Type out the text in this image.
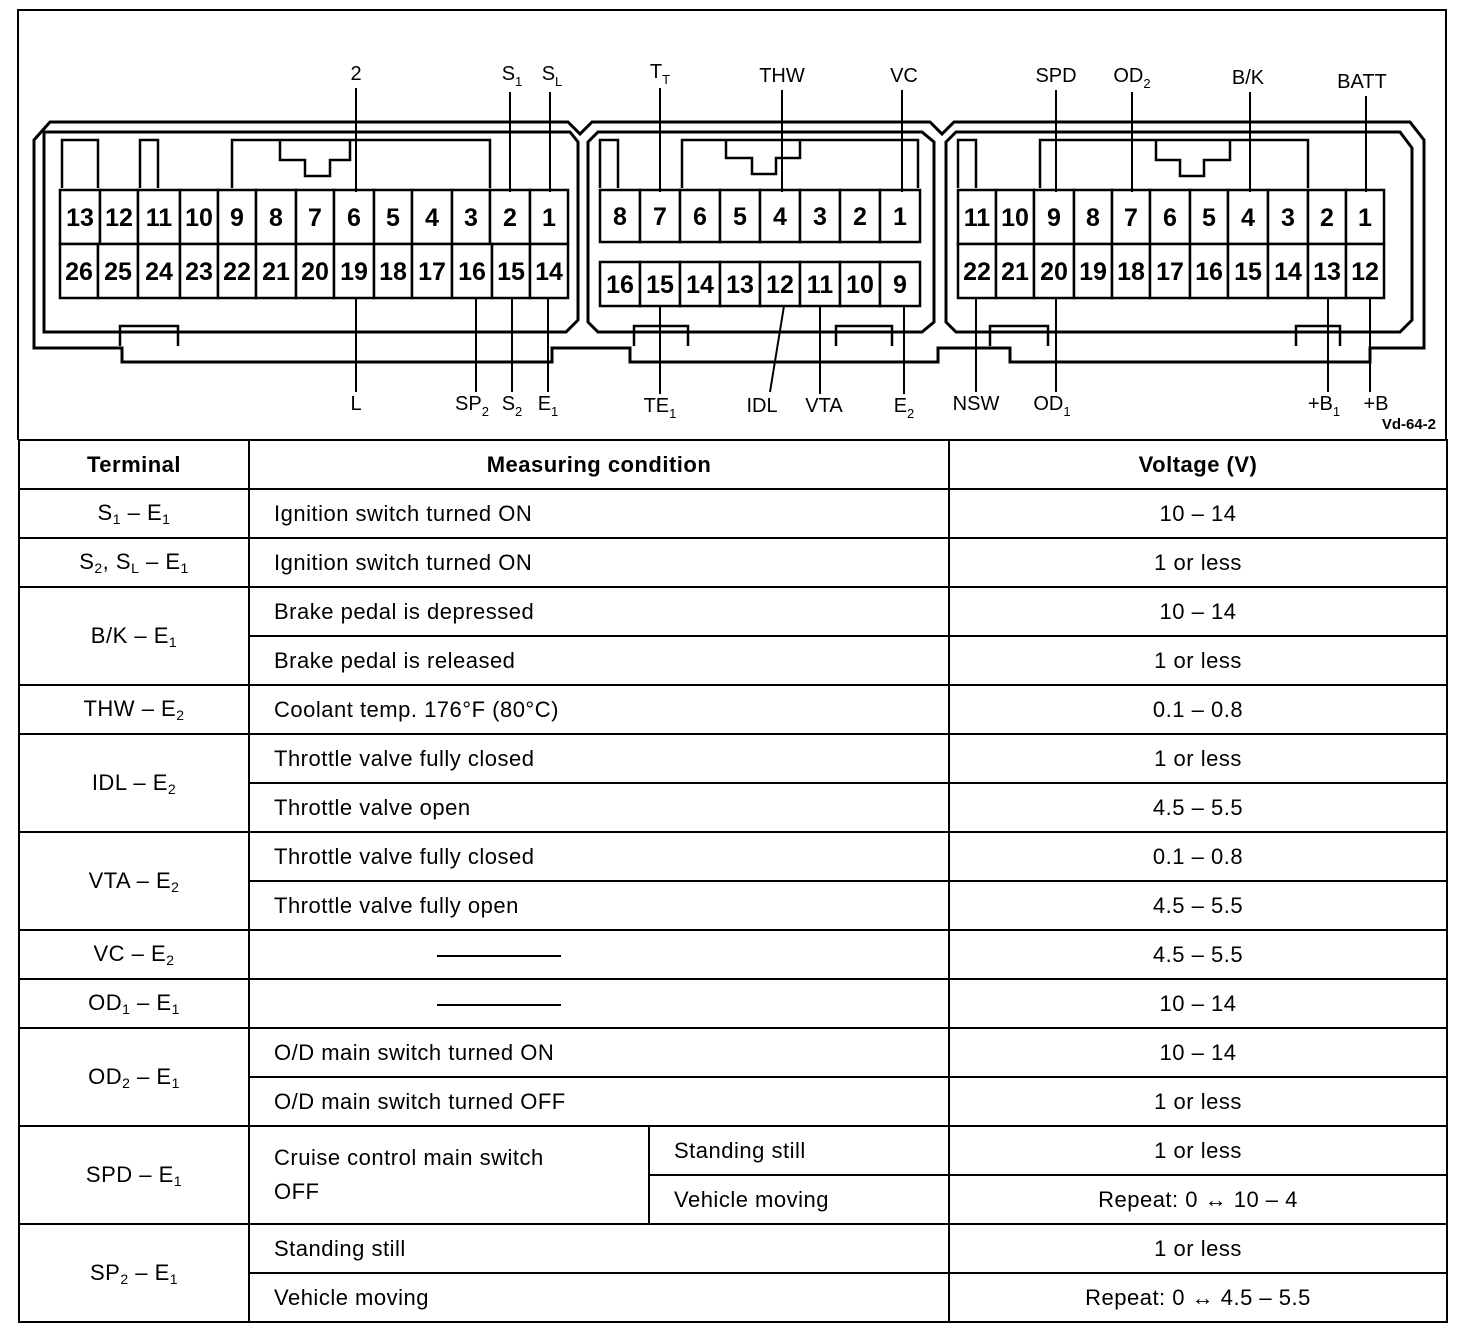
13 12 11 10 9 8 7 6 5 4 3 2 1
26 25 24 23 22 21 20 19 18 17 16 15 14
8 7 6 5 4 3 2 1
16 15 14 13 12 11 10 9
11 10 9 8 7 6 5 4 3 2 1
22 21 20 19 18 17 16 15 14 13 12
2	$S_1$ $S_L$	$T_T$	THW	VC	SPD $OD_2$	B/K	BATT
L	$SP_2$ $S_2$ $E_1$	$TE_1$	IDL VTA	$E_2$ NSW $OD_1$	$+B_1 +B$
Vd-64-2
Terminal	Measuring condition		Voltage (V)
$S_1 - E_1$	Ignition switch turned ON		10 – 14
$S_2$, $S_L - E_1$	Ignition switch turned ON		1 or less
$B/K - E_1$	Brake pedal is depressed		10 – 14
	Brake pedal is released		1 or less
THW – $E_2$	Coolant temp. 176°F (80°C)		0.1 – 0.8
IDL – $E_2$	Throttle valve fully closed		1 or less
	Throttle valve open		4.5 – 5.5
VTA – $E_2$	Throttle valve fully closed		0.1 – 0.8
	Throttle valve fully open		4.5 – 5.5
VC – $E_2$			4.5 – 5.5
$OD_1 - E_1$			10 – 14
$OD_2 - E_1$	O/D main switch turned ON		10 – 14
	O/D main switch turned OFF		1 or less
SPD – $E_1$	Cruise control main switch OFF	Standing still	1 or less
		Vehicle moving	Repeat: 0 ↔ 10 – 4
$SP_2 - E_1$	Standing still		1 or less
	Vehicle moving		Repeat: 0 ↔ 4.5 – 5.5
